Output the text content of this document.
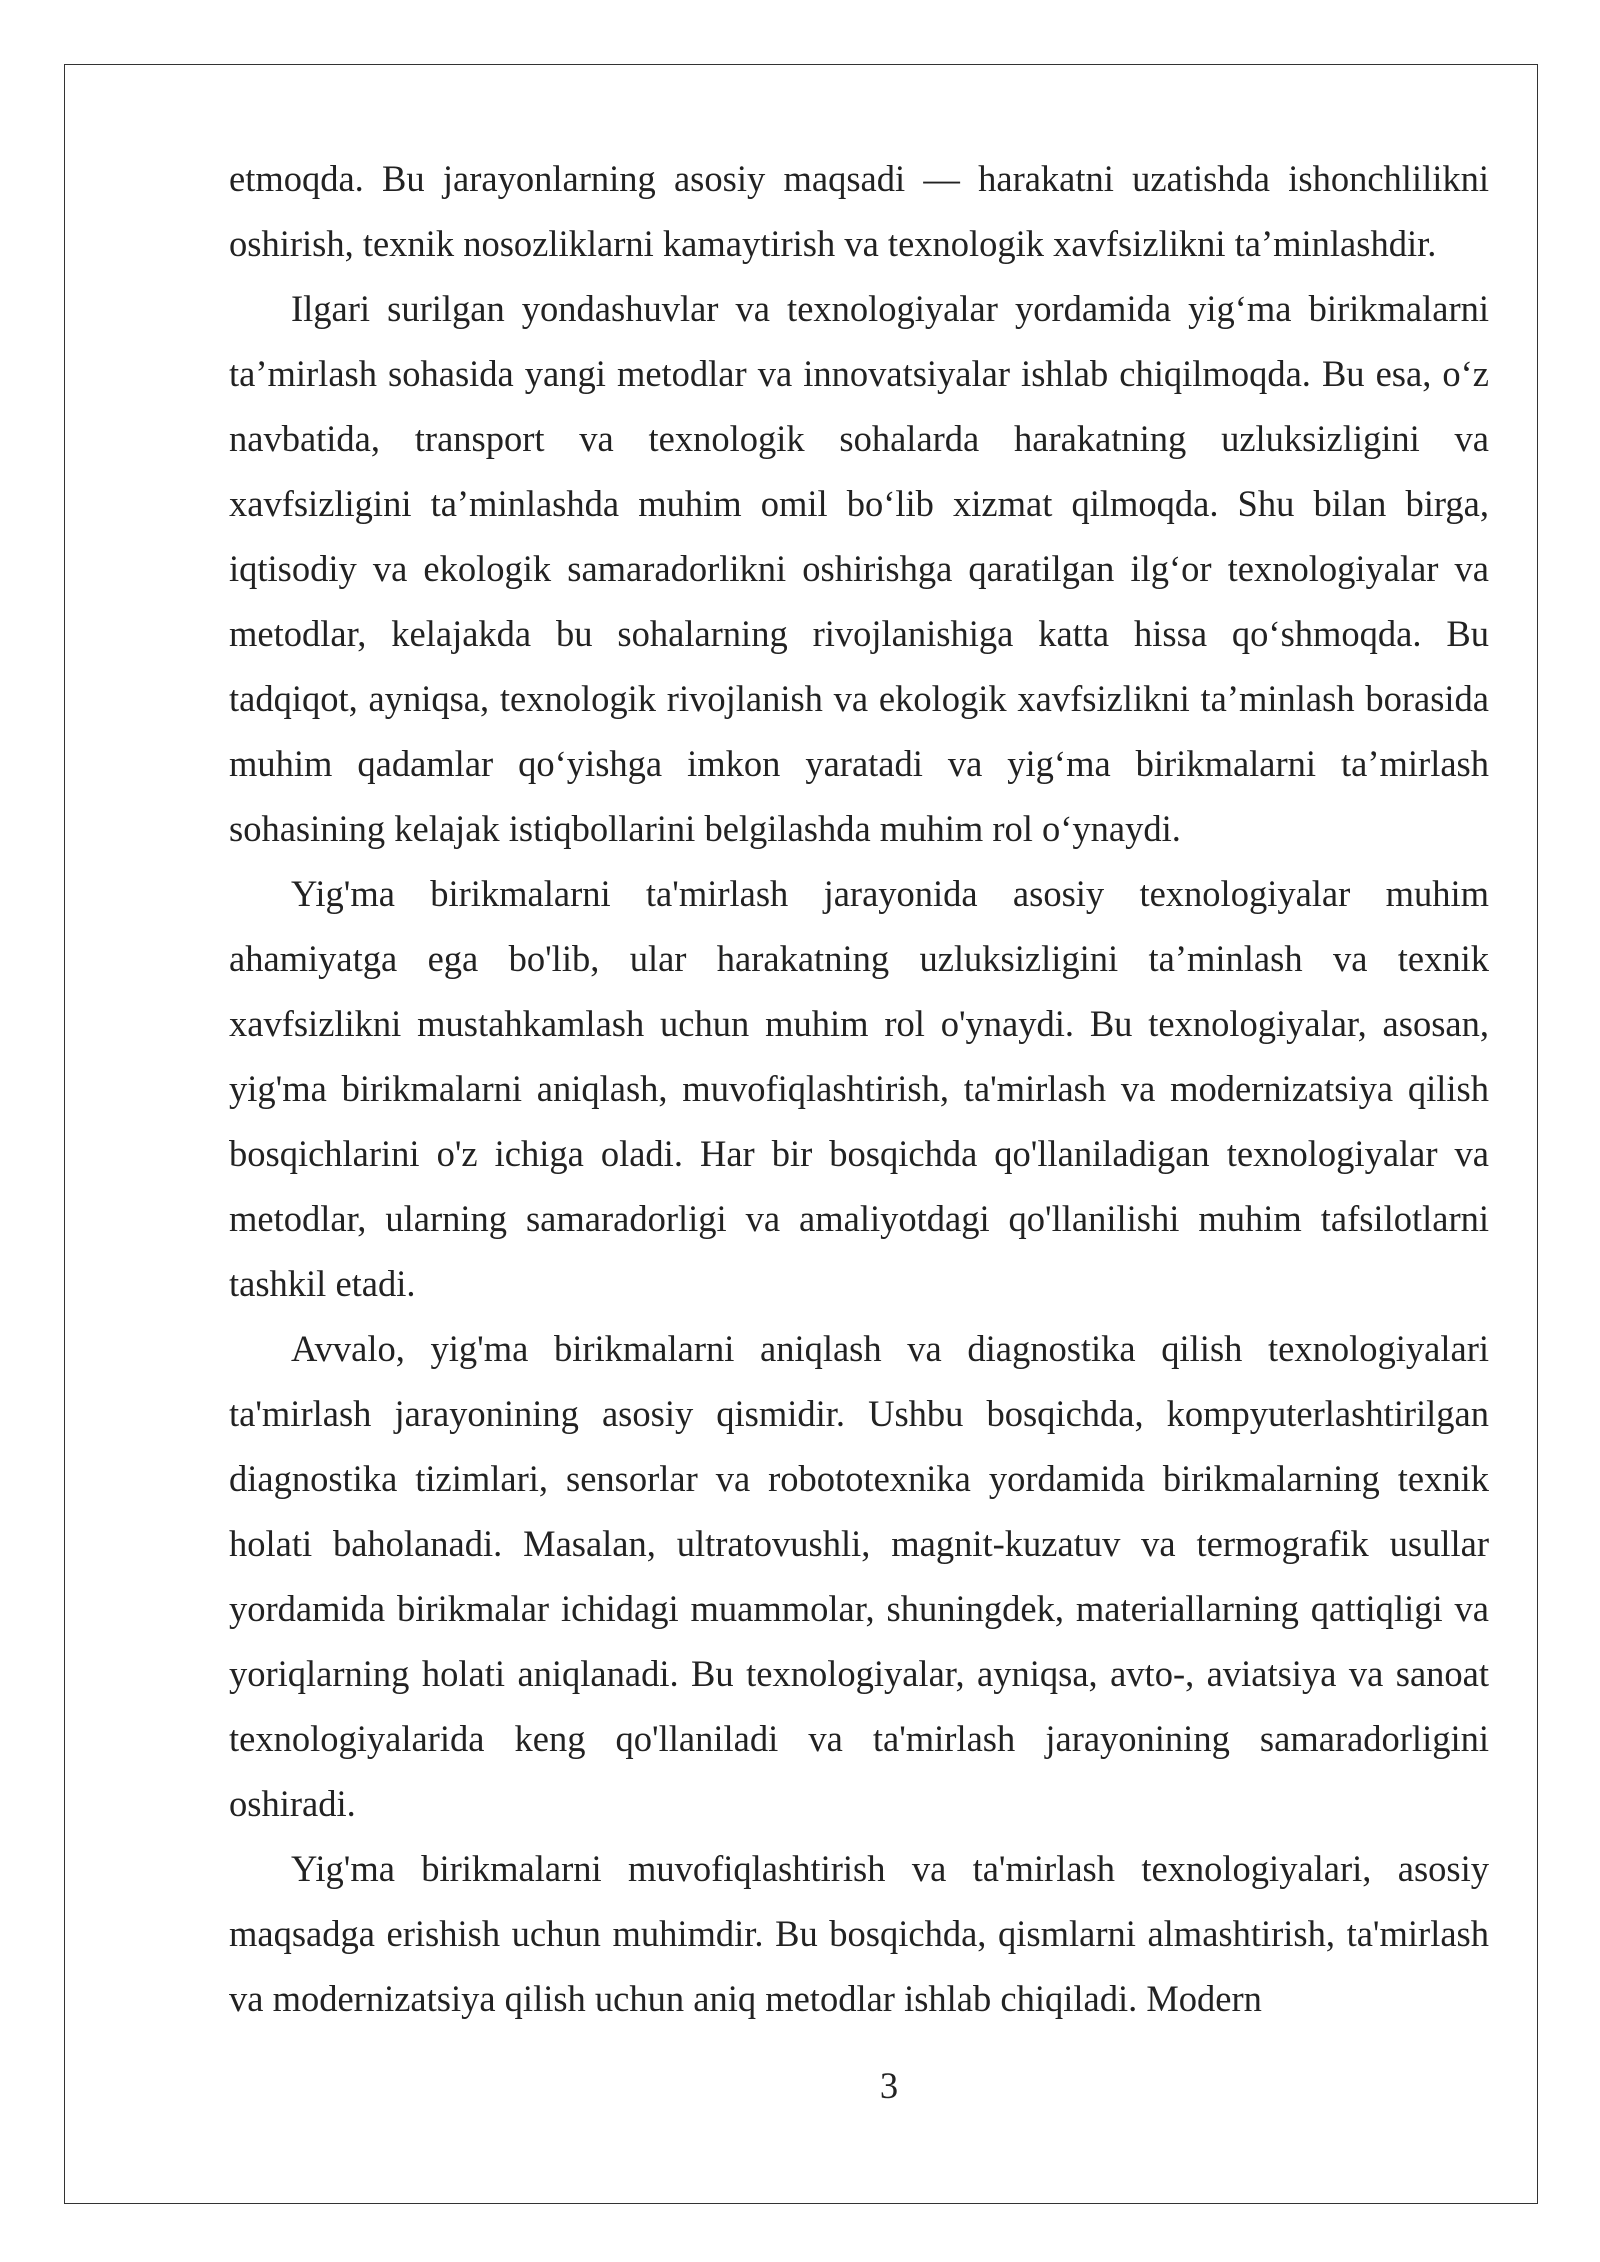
etmoqda. Bu jarayonlarning asosiy maqsadi — harakatni uzatishda ishonchlilikni oshirish, texnik nosozliklarni kamaytirish va texnologik xavfsizlikni ta’minlashdir.

Ilgari surilgan yondashuvlar va texnologiyalar yordamida yig‘ma birikmalarni ta’mirlash sohasida yangi metodlar va innovatsiyalar ishlab chiqilmoqda. Bu esa, o‘z navbatida, transport va texnologik sohalarda harakatning uzluksizligini va xavfsizligini ta’minlashda muhim omil bo‘lib xizmat qilmoqda. Shu bilan birga, iqtisodiy va ekologik samaradorlikni oshirishga qaratilgan ilg‘or texnologiyalar va metodlar, kelajakda bu sohalarning rivojlanishiga katta hissa qo‘shmoqda. Bu tadqiqot, ayniqsa, texnologik rivojlanish va ekologik xavfsizlikni ta’minlash borasida muhim qadamlar qo‘yishga imkon yaratadi va yig‘ma birikmalarni ta’mirlash sohasining kelajak istiqbollarini belgilashda muhim rol o‘ynaydi.

Yig'ma birikmalarni ta'mirlash jarayonida asosiy texnologiyalar muhim ahamiyatga ega bo'lib, ular harakatning uzluksizligini ta’minlash va texnik xavfsizlikni mustahkamlash uchun muhim rol o'ynaydi. Bu texnologiyalar, asosan, yig'ma birikmalarni aniqlash, muvofiqlashtirish, ta'mirlash va modernizatsiya qilish bosqichlarini o'z ichiga oladi. Har bir bosqichda qo'llaniladigan texnologiyalar va metodlar, ularning samaradorligi va amaliyotdagi qo'llanilishi muhim tafsilotlarni tashkil etadi.

Avvalo, yig'ma birikmalarni aniqlash va diagnostika qilish texnologiyalari ta'mirlash jarayonining asosiy qismidir. Ushbu bosqichda, kompyuterlashtirilgan diagnostika tizimlari, sensorlar va robototexnika yordamida birikmalarning texnik holati baholanadi. Masalan, ultratovushli, magnit-kuzatuv va termografik usullar yordamida birikmalar ichidagi muammolar, shuningdek, materiallarning qattiqligi va yoriqlarning holati aniqlanadi. Bu texnologiyalar, ayniqsa, avto-, aviatsiya va sanoat texnologiyalarida keng qo'llaniladi va ta'mirlash jarayonining samaradorligini oshiradi.

Yig'ma birikmalarni muvofiqlashtirish va ta'mirlash texnologiyalari, asosiy maqsadga erishish uchun muhimdir. Bu bosqichda, qismlarni almashtirish, ta'mirlash va modernizatsiya qilish uchun aniq metodlar ishlab chiqiladi. Modern

3
